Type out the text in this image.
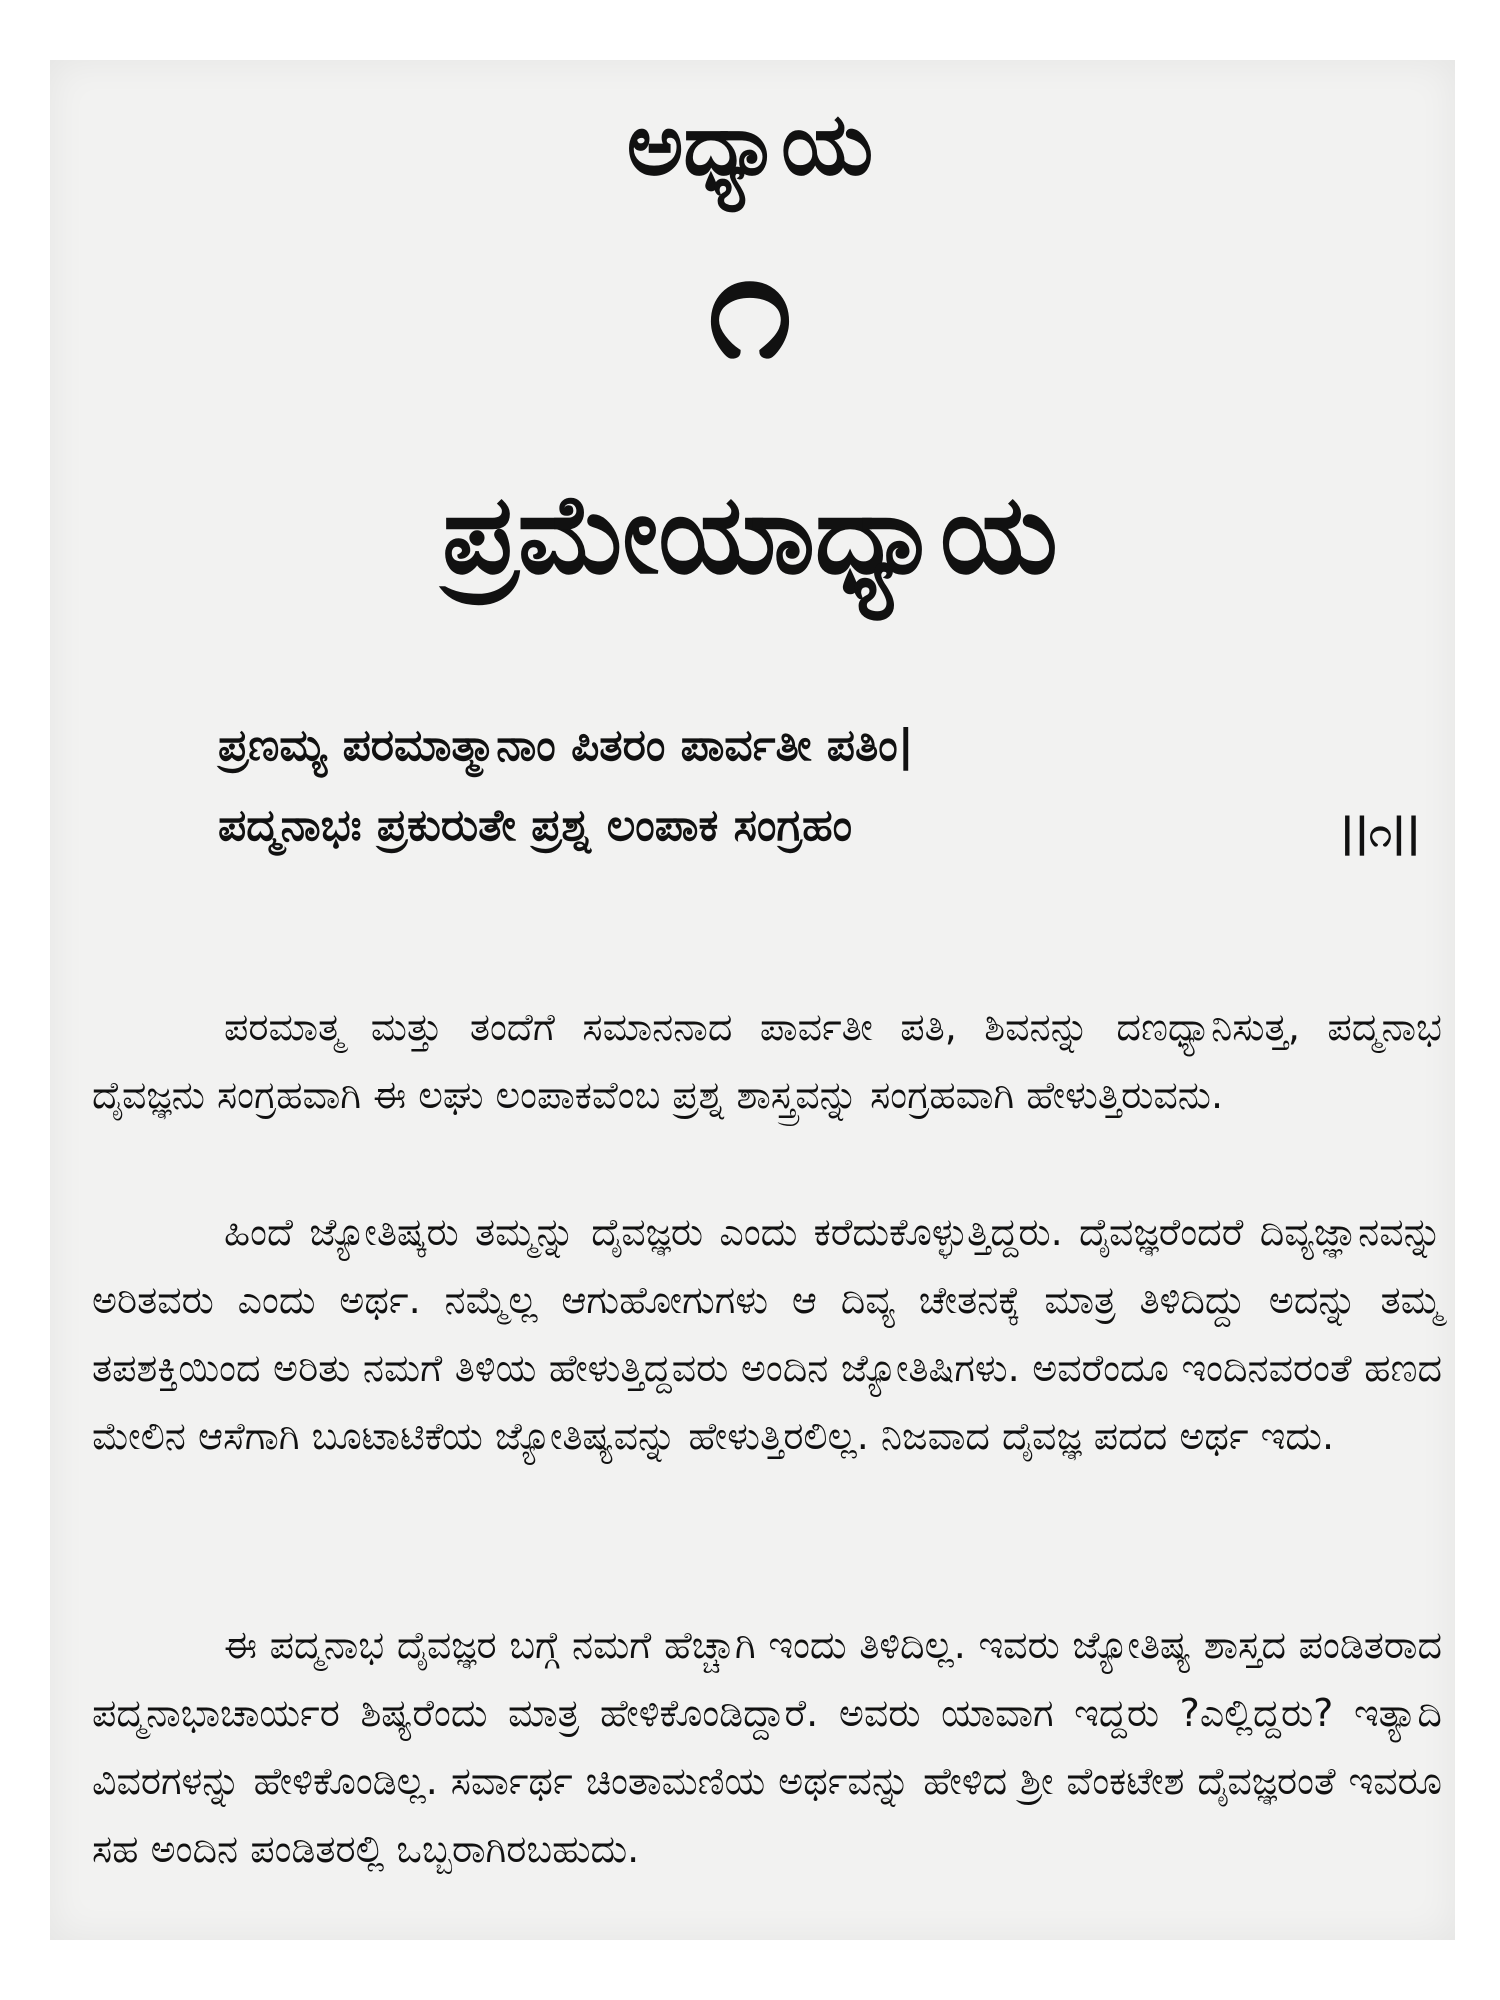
ಅಧ್ಯಾಯ
೧
ಪ್ರಮೇಯಾಧ್ಯಾಯ
ಪ್ರಣಮ್ಯ ಪರಮಾತ್ಮಾನಾಂ ಪಿತರಂ ಪಾರ್ವತೀ ಪತಿಂ|
ಪದ್ಮನಾಭಃ ಪ್ರಕುರುತೇ ಪ್ರಶ್ನ ಲಂಪಾಕ ಸಂಗ್ರಹಂ	||೧||

ಪರಮಾತ್ಮ ಮತ್ತು ತಂದೆಗೆ ಸಮಾನನಾದ ಪಾರ್ವತೀ ಪತಿ, ಶಿವನನ್ನು ದಣಧ್ಯಾನಿಸುತ್ತ, ಪದ್ಮನಾಭ ದೈವಜ್ಞನು ಸಂಗ್ರಹವಾಗಿ ಈ ಲಘು ಲಂಪಾಕವೆಂಬ ಪ್ರಶ್ನ ಶಾಸ್ತ್ರವನ್ನು ಸಂಗ್ರಹವಾಗಿ ಹೇಳುತ್ತಿರುವನು.

ಹಿಂದೆ ಜ್ಯೋತಿಷ್ಕರು ತಮ್ಮನ್ನು ದೈವಜ್ಞರು ಎಂದು ಕರೆದುಕೊಳ್ಳುತ್ತಿದ್ದರು. ದೈವಜ್ಞರೆಂದರೆ ದಿವ್ಯಜ್ಞಾನವನ್ನು ಅರಿತವರು ಎಂದು ಅರ್ಥ. ನಮ್ಮೆಲ್ಲ ಆಗುಹೋಗುಗಳು ಆ ದಿವ್ಯ ಚೇತನಕ್ಕೆ ಮಾತ್ರ ತಿಳಿದಿದ್ದು ಅದನ್ನು ತಮ್ಮ ತಪಶಕ್ತಿಯಿಂದ ಅರಿತು ನಮಗೆ ತಿಳಿಯ ಹೇಳುತ್ತಿದ್ದವರು ಅಂದಿನ ಜ್ಯೋತಿಷಿಗಳು. ಅವರೆಂದೂ ಇಂದಿನವರಂತೆ ಹಣದ ಮೇಲಿನ ಆಸೆಗಾಗಿ ಬೂಟಾಟಿಕೆಯ ಜ್ಯೋತಿಷ್ಯವನ್ನು ಹೇಳುತ್ತಿರಲಿಲ್ಲ. ನಿಜವಾದ ದೈವಜ್ಞ ಪದದ ಅರ್ಥ ಇದು.

ಈ ಪದ್ಮನಾಭ ದೈವಜ್ಞರ ಬಗ್ಗೆ ನಮಗೆ ಹೆಚ್ಚಾಗಿ ಇಂದು ತಿಳಿದಿಲ್ಲ. ಇವರು ಜ್ಯೋತಿಷ್ಯ ಶಾಸ್ತದ ಪಂಡಿತರಾದ ಪದ್ಮನಾಭಾಚಾರ್ಯರ ಶಿಷ್ಯರೆಂದು ಮಾತ್ರ ಹೇಳಿಕೊಂಡಿದ್ದಾರೆ. ಅವರು ಯಾವಾಗ ಇದ್ದರು ?ಎಲ್ಲಿದ್ದರು? ಇತ್ಯಾದಿ ವಿವರಗಳನ್ನು ಹೇಳಿಕೊಂಡಿಲ್ಲ. ಸರ್ವಾರ್ಥ ಚಿಂತಾಮಣಿಯ ಅರ್ಥವನ್ನು ಹೇಳಿದ ಶ್ರೀ ವೆಂಕಟೇಶ ದೈವಜ್ಞರಂತೆ ಇವರೂ ಸಹ ಅಂದಿನ ಪಂಡಿತರಲ್ಲಿ ಒಬ್ಬರಾಗಿರಬಹುದು.
